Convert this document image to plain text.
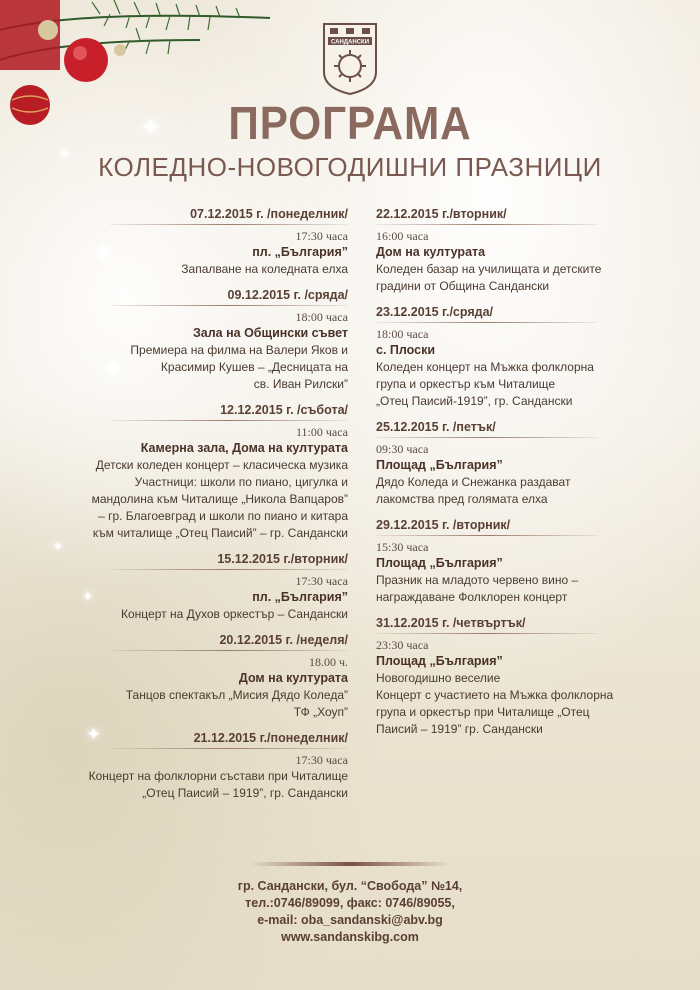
✦
✦
✦
✦
✦
✦
✦
САНДАНСКИ
ПРОГРАМА
КОЛЕДНО-НОВОГОДИШНИ ПРАЗНИЦИ
07.12.2015 г. /понеделник/
17:30 часа
пл. „България”
Запалване на коледната елха
09.12.2015 г. /сряда/
18:00 часа
Зала на Общински съвет
Премиера на филма на Валери Яков и
Красимир Кушев – „Десницата на
св. Иван Рилски”
12.12.2015 г. /събота/
11:00 часа
Камерна зала, Дома на културата
Детски коледен концерт – класическа музика
Участници: школи по пиано, цигулка и
мандолина към Читалище „Никола Вапцаров”
– гр. Благоевград и школи по пиано и китара
към читалище „Отец Паисий” – гр. Сандански
15.12.2015 г./вторник/
17:30 часа
пл. „България”
Концерт на Духов оркестър – Сандански
20.12.2015 г. /неделя/
18.00 ч.
Дом на културата
Танцов спектакъл „Мисия Дядо Коледа”
ТФ „Хоуп”
21.12.2015 г./понеделник/
17:30 часа
Концерт на фолклорни състави при Читалище
„Отец Паисий – 1919”, гр. Сандански
22.12.2015 г./вторник/
16:00 часа
Дом на културата
Коледен базар на училищата и детските
градини от Община Сандански
23.12.2015 г./сряда/
18:00 часа
с. Плоски
Коледен концерт на Мъжка фолклорна
група и оркестър към Читалище
„Отец Паисий-1919”, гр. Сандански
25.12.2015 г. /петък/
09:30 часа
Площад „България”
Дядо Коледа и Снежанка раздават
лакомства пред голямата елха
29.12.2015 г. /вторник/
15:30 часа
Площад „България”
Празник на младото червено вино –
награждаване Фолклорен концерт
31.12.2015 г. /четвъртък/
23:30 часа
Площад „България”
Новогодишно веселие
Концерт с участието на Мъжка фолклорна
група и оркестър при Читалище „Отец
Паисий – 1919” гр. Сандански
гр. Сандански, бул. “Свобода” №14,
тел.:0746/89099, факс: 0746/89055,
e-mail: oba_sandanski@abv.bg
www.sandanskibg.com
